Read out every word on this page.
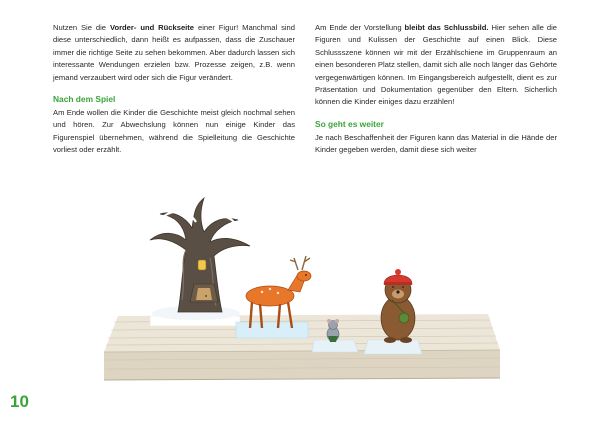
Nutzen Sie die Vorder- und Rückseite einer Figur! Manchmal sind diese unterschiedlich, dann heißt es aufpassen, dass die Zuschauer immer die richtige Seite zu sehen bekommen. Aber dadurch lassen sich interessante Wendungen erzielen bzw. Prozesse zeigen, z.B. wenn jemand verzaubert wird oder sich die Figur verändert.

Nach dem Spiel

Am Ende wollen die Kinder die Geschichte meist gleich nochmal sehen und hören. Zur Abwechslung können nun einige Kinder das Figurenspiel übernehmen, während die Spielleitung die Geschichte vorliest oder erzählt.

Am Ende der Vorstellung bleibt das Schlussbild. Hier sehen alle die Figuren und Kulissen der Geschichte auf einen Blick. Diese Schlussszene können wir mit der Erzählschiene im Gruppenraum an einen besonderen Platz stellen, damit sich alle noch länger das Gehörte vergegenwärtigen können. Im Eingangsbereich aufgestellt, dient es zur Präsentation und Dokumentation gegenüber den Eltern. Sicherlich können die Kinder einiges dazu erzählen!

So geht es weiter

Je nach Beschaffenheit der Figuren kann das Material in die Hände der Kinder gegeben werden, damit diese sich weiter

10
